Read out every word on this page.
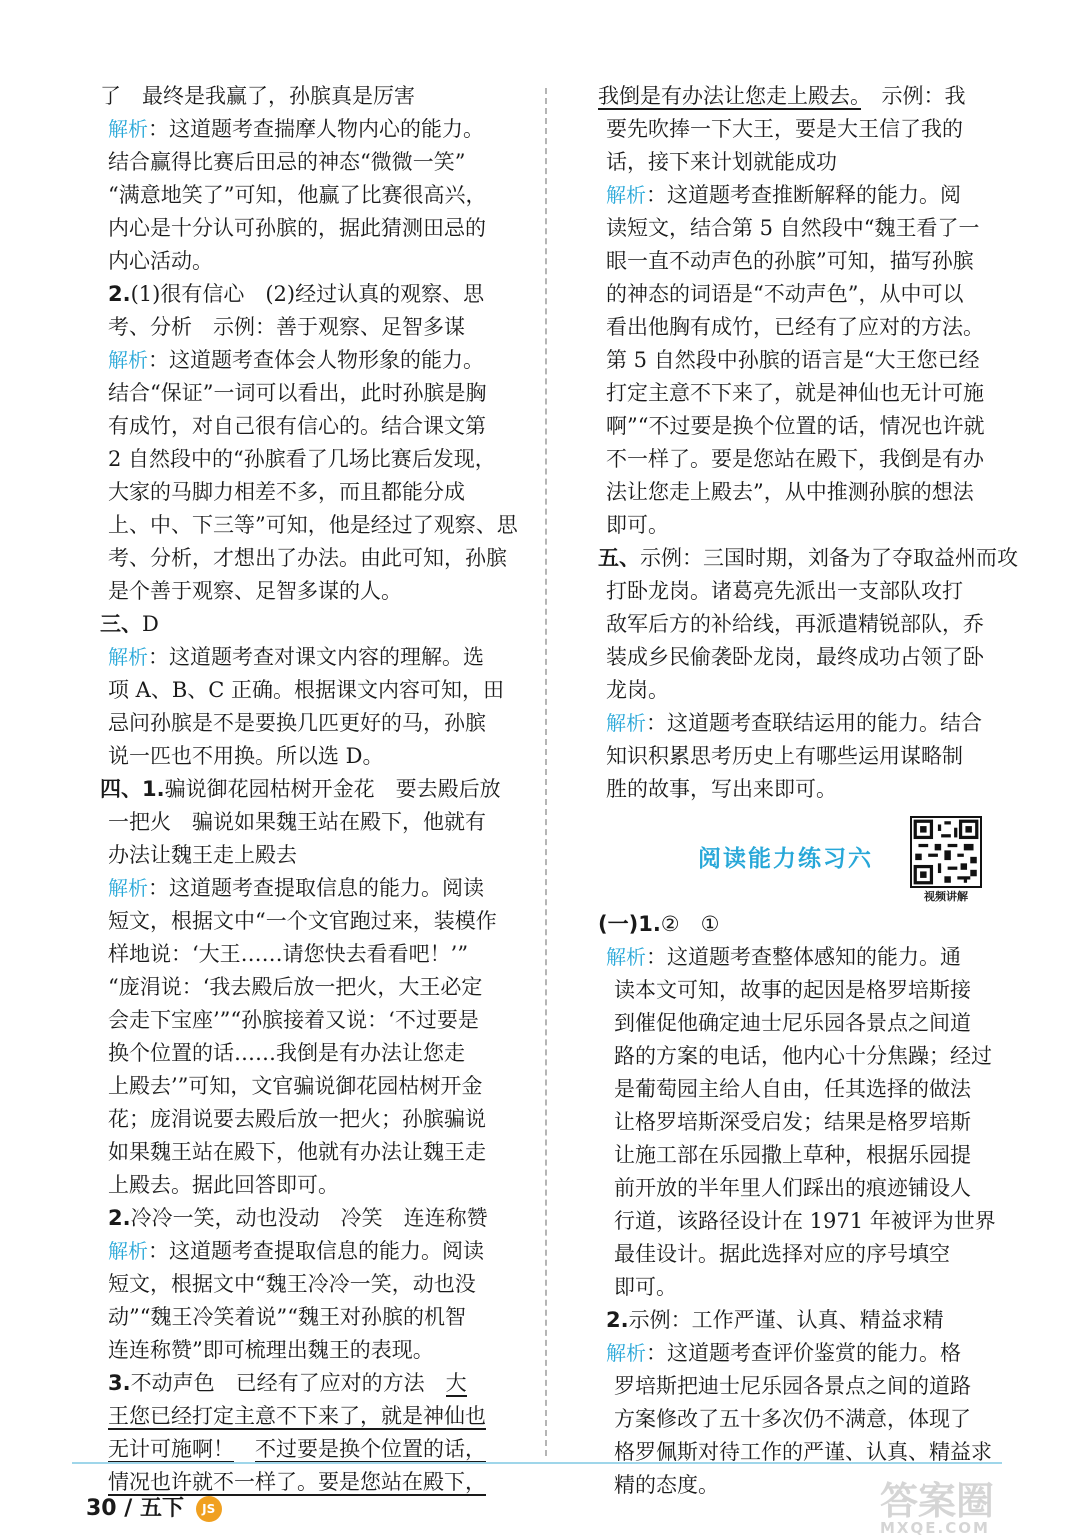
了　最终是我赢了，孙膑真是厉害
解析：这道题考查揣摩人物内心的能力。
结合赢得比赛后田忌的神态“微微一笑”
“满意地笑了”可知，他赢了比赛很高兴，
内心是十分认可孙膑的，据此猜测田忌的
内心活动。
2.(1)很有信心　(2)经过认真的观察、思
考、分析　示例：善于观察、足智多谋
解析：这道题考查体会人物形象的能力。
结合“保证”一词可以看出，此时孙膑是胸
有成竹，对自己很有信心的。结合课文第
2 自然段中的“孙膑看了几场比赛后发现，
大家的马脚力相差不多，而且都能分成
上、中、下三等”可知，他是经过了观察、思
考、分析，才想出了办法。由此可知，孙膑
是个善于观察、足智多谋的人。
三、D
解析：这道题考查对课文内容的理解。选
项 A、B、C 正确。根据课文内容可知，田
忌问孙膑是不是要换几匹更好的马，孙膑
说一匹也不用换。所以选 D。
四、1.骗说御花园枯树开金花　要去殿后放
一把火　骗说如果魏王站在殿下，他就有
办法让魏王走上殿去
解析：这道题考查提取信息的能力。阅读
短文，根据文中“一个文官跑过来，装模作
样地说：‘大王……请您快去看看吧！’”
“庞涓说：‘我去殿后放一把火，大王必定
会走下宝座’”“孙膑接着又说：‘不过要是
换个位置的话……我倒是有办法让您走
上殿去’”可知，文官骗说御花园枯树开金
花；庞涓说要去殿后放一把火；孙膑骗说
如果魏王站在殿下，他就有办法让魏王走
上殿去。据此回答即可。
2.冷冷一笑，动也没动　冷笑　连连称赞
解析：这道题考查提取信息的能力。阅读
短文，根据文中“魏王冷冷一笑，动也没
动”“魏王冷笑着说”“魏王对孙膑的机智
连连称赞”即可梳理出魏王的表现。
3.不动声色　已经有了应对的方法　大
王您已经打定主意不下来了，就是神仙也
无计可施啊！　 不过要是换个位置的话，
情况也许就不一样了。要是您站在殿下，
我倒是有办法让您走上殿去。　示例：我
要先吹捧一下大王，要是大王信了我的
话，接下来计划就能成功
解析：这道题考查推断解释的能力。阅
读短文，结合第 5 自然段中“魏王看了一
眼一直不动声色的孙膑”可知，描写孙膑
的神态的词语是“不动声色”，从中可以
看出他胸有成竹，已经有了应对的方法。
第 5 自然段中孙膑的语言是“大王您已经
打定主意不下来了，就是神仙也无计可施
啊”“不过要是换个位置的话，情况也许就
不一样了。要是您站在殿下，我倒是有办
法让您走上殿去”，从中推测孙膑的想法
即可。
五、示例：三国时期，刘备为了夺取益州而攻
打卧龙岗。诸葛亮先派出一支部队攻打
敌军后方的补给线，再派遣精锐部队，乔
装成乡民偷袭卧龙岗，最终成功占领了卧
龙岗。
解析：这道题考查联结运用的能力。结合
知识积累思考历史上有哪些运用谋略制
胜的故事，写出来即可。
阅读能力练习六
视频讲解
(一)1.②　①
解析：这道题考查整体感知的能力。通
读本文可知，故事的起因是格罗培斯接
到催促他确定迪士尼乐园各景点之间道
路的方案的电话，他内心十分焦躁；经过
是葡萄园主给人自由，任其选择的做法
让格罗培斯深受启发；结果是格罗培斯
让施工部在乐园撒上草种，根据乐园提
前开放的半年里人们踩出的痕迹铺设人
行道，该路径设计在 1971 年被评为世界
最佳设计。据此选择对应的序号填空
即可。
2.示例：工作严谨、认真、精益求精
解析：这道题考查评价鉴赏的能力。格
罗培斯把迪士尼乐园各景点之间的道路
方案修改了五十多次仍不满意，体现了
格罗佩斯对待工作的严谨、认真、精益求
精的态度。
30 / 五下 JS	答案圈
MXQE.COM
